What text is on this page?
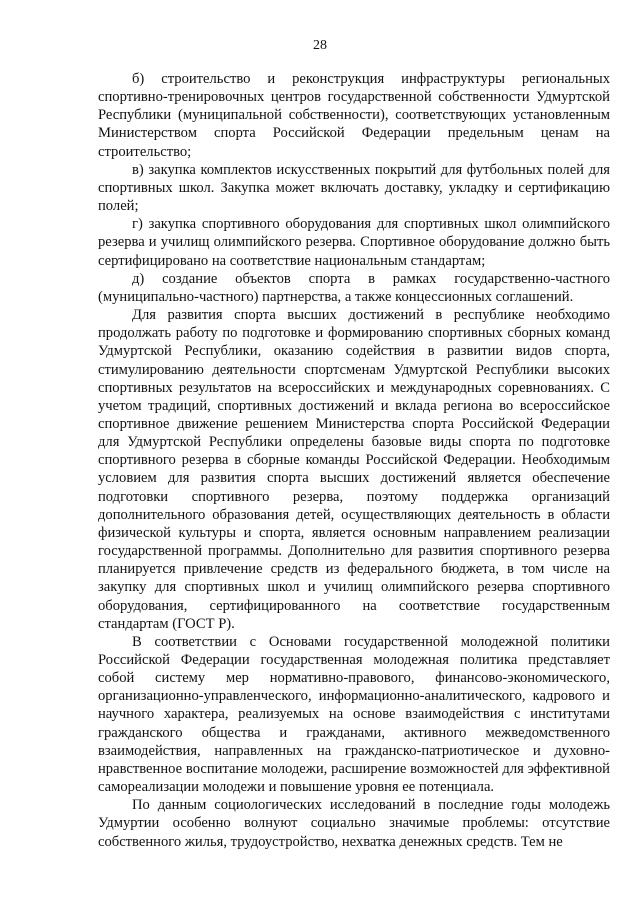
28

б) строительство и реконструкция инфраструктуры региональных спортивно-тренировочных центров государственной собственности Удмуртской Республики (муниципальной собственности), соответствующих установленным Министерством спорта Российской Федерации предельным ценам на строительство;

в) закупка комплектов искусственных покрытий для футбольных полей для спортивных школ. Закупка может включать доставку, укладку и сертификацию полей;

г) закупка спортивного оборудования для спортивных школ олимпийского резерва и училищ олимпийского резерва. Спортивное оборудование должно быть сертифицировано на соответствие национальным стандартам;

д) создание объектов спорта в рамках государственно-частного (муниципально-частного) партнерства, а также концессионных соглашений.

Для развития спорта высших достижений в республике необходимо продолжать работу по подготовке и формированию спортивных сборных команд Удмуртской Республики, оказанию содействия в развитии видов спорта, стимулированию деятельности спортсменам Удмуртской Республики высоких спортивных результатов на всероссийских и международных соревнованиях. С учетом традиций, спортивных достижений и вклада региона во всероссийское спортивное движение решением Министерства спорта Российской Федерации для Удмуртской Республики определены базовые виды спорта по подготовке спортивного резерва в сборные команды Российской Федерации. Необходимым условием для развития спорта высших достижений является обеспечение подготовки спортивного резерва, поэтому поддержка организаций дополнительного образования детей, осуществляющих деятельность в области физической культуры и спорта, является основным направлением реализации государственной программы. Дополнительно для развития спортивного резерва планируется привлечение средств из федерального бюджета, в том числе на закупку для спортивных школ и училищ олимпийского резерва спортивного оборудования, сертифицированного на соответствие государственным стандартам (ГОСТ Р).

В соответствии с Основами государственной молодежной политики Российской Федерации государственная молодежная политика представляет собой систему мер нормативно-правового, финансово-экономического, организационно-управленческого, информационно-аналитического, кадрового и научного характера, реализуемых на основе взаимодействия с институтами гражданского общества и гражданами, активного межведомственного взаимодействия, направленных на гражданско-патриотическое и духовно-нравственное воспитание молодежи, расширение возможностей для эффективной самореализации молодежи и повышение уровня ее потенциала.

По данным социологических исследований в последние годы молодежь Удмуртии особенно волнуют социально значимые проблемы: отсутствие собственного жилья, трудоустройство, нехватка денежных средств. Тем не
